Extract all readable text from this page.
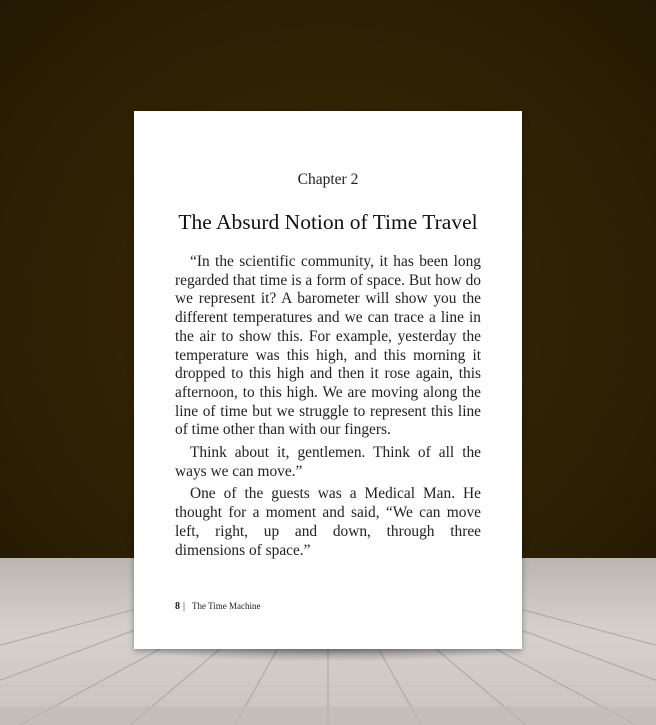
Chapter 2

The Absurd Notion of Time Travel

“In the scientific community, it has been long regarded that time is a form of space. But how do we represent it? A barometer will show you the different temperatures and we can trace a line in the air to show this. For example, yesterday the temperature was this high, and this morning it dropped to this high and then it rose again, this afternoon, to this high. We are moving along the line of time but we struggle to represent this line of time other than with our fingers.

Think about it, gentlemen. Think of all the ways we can move.”

One of the guests was a Medical Man. He thought for a moment and said, “We can move left, right, up and down, through three dimensions of space.”

8 | The Time Machine
